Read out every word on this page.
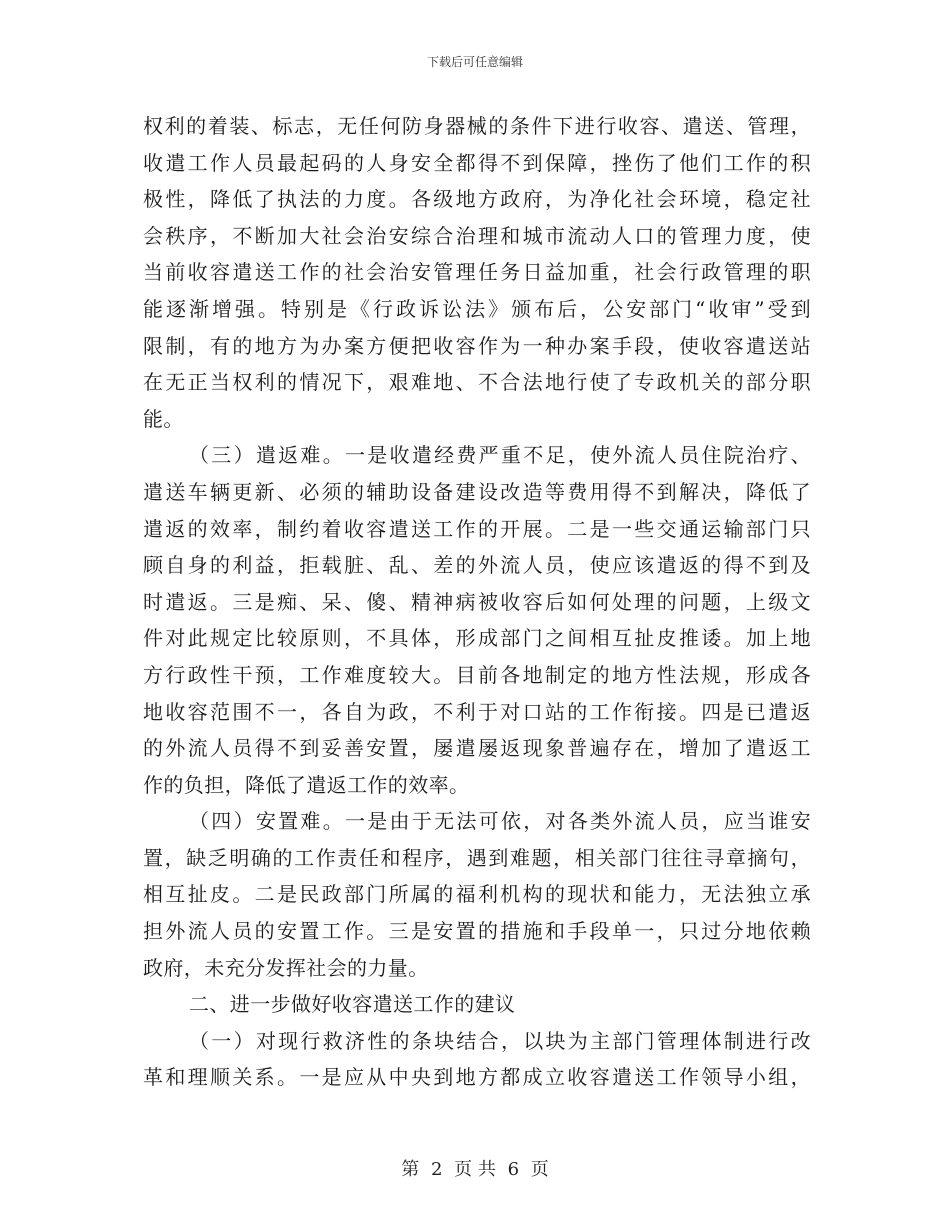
下载后可任意编辑
权利的着装、标志，无任何防身器械的条件下进行收容、遣送、管理，
收遣工作人员最起码的人身安全都得不到保障，挫伤了他们工作的积
极性，降低了执法的力度。各级地方政府，为净化社会环境，稳定社
会秩序，不断加大社会治安综合治理和城市流动人口的管理力度，使
当前收容遣送工作的社会治安管理任务日益加重，社会行政管理的职
能逐渐增强。特别是《行政诉讼法》颁布后，公安部门“收审”受到
限制，有的地方为办案方便把收容作为一种办案手段，使收容遣送站
在无正当权利的情况下，艰难地、不合法地行使了专政机关的部分职
能。
（三）遣返难。一是收遣经费严重不足，使外流人员住院治疗、
遣送车辆更新、必须的辅助设备建设改造等费用得不到解决，降低了
遣返的效率，制约着收容遣送工作的开展。二是一些交通运输部门只
顾自身的利益，拒载脏、乱、差的外流人员，使应该遣返的得不到及
时遣返。三是痴、呆、傻、精神病被收容后如何处理的问题，上级文
件对此规定比较原则，不具体，形成部门之间相互扯皮推诿。加上地
方行政性干预，工作难度较大。目前各地制定的地方性法规，形成各
地收容范围不一，各自为政，不利于对口站的工作衔接。四是已遣返
的外流人员得不到妥善安置，屡遣屡返现象普遍存在，增加了遣返工
作的负担，降低了遣返工作的效率。
（四）安置难。一是由于无法可依，对各类外流人员，应当谁安
置，缺乏明确的工作责任和程序，遇到难题，相关部门往往寻章摘句，
相互扯皮。二是民政部门所属的福利机构的现状和能力，无法独立承
担外流人员的安置工作。三是安置的措施和手段单一，只过分地依赖
政府，未充分发挥社会的力量。
二、进一步做好收容遣送工作的建议
（一）对现行救济性的条块结合，以块为主部门管理体制进行改
革和理顺关系。一是应从中央到地方都成立收容遣送工作领导小组，
第 2 页 共 6 页
